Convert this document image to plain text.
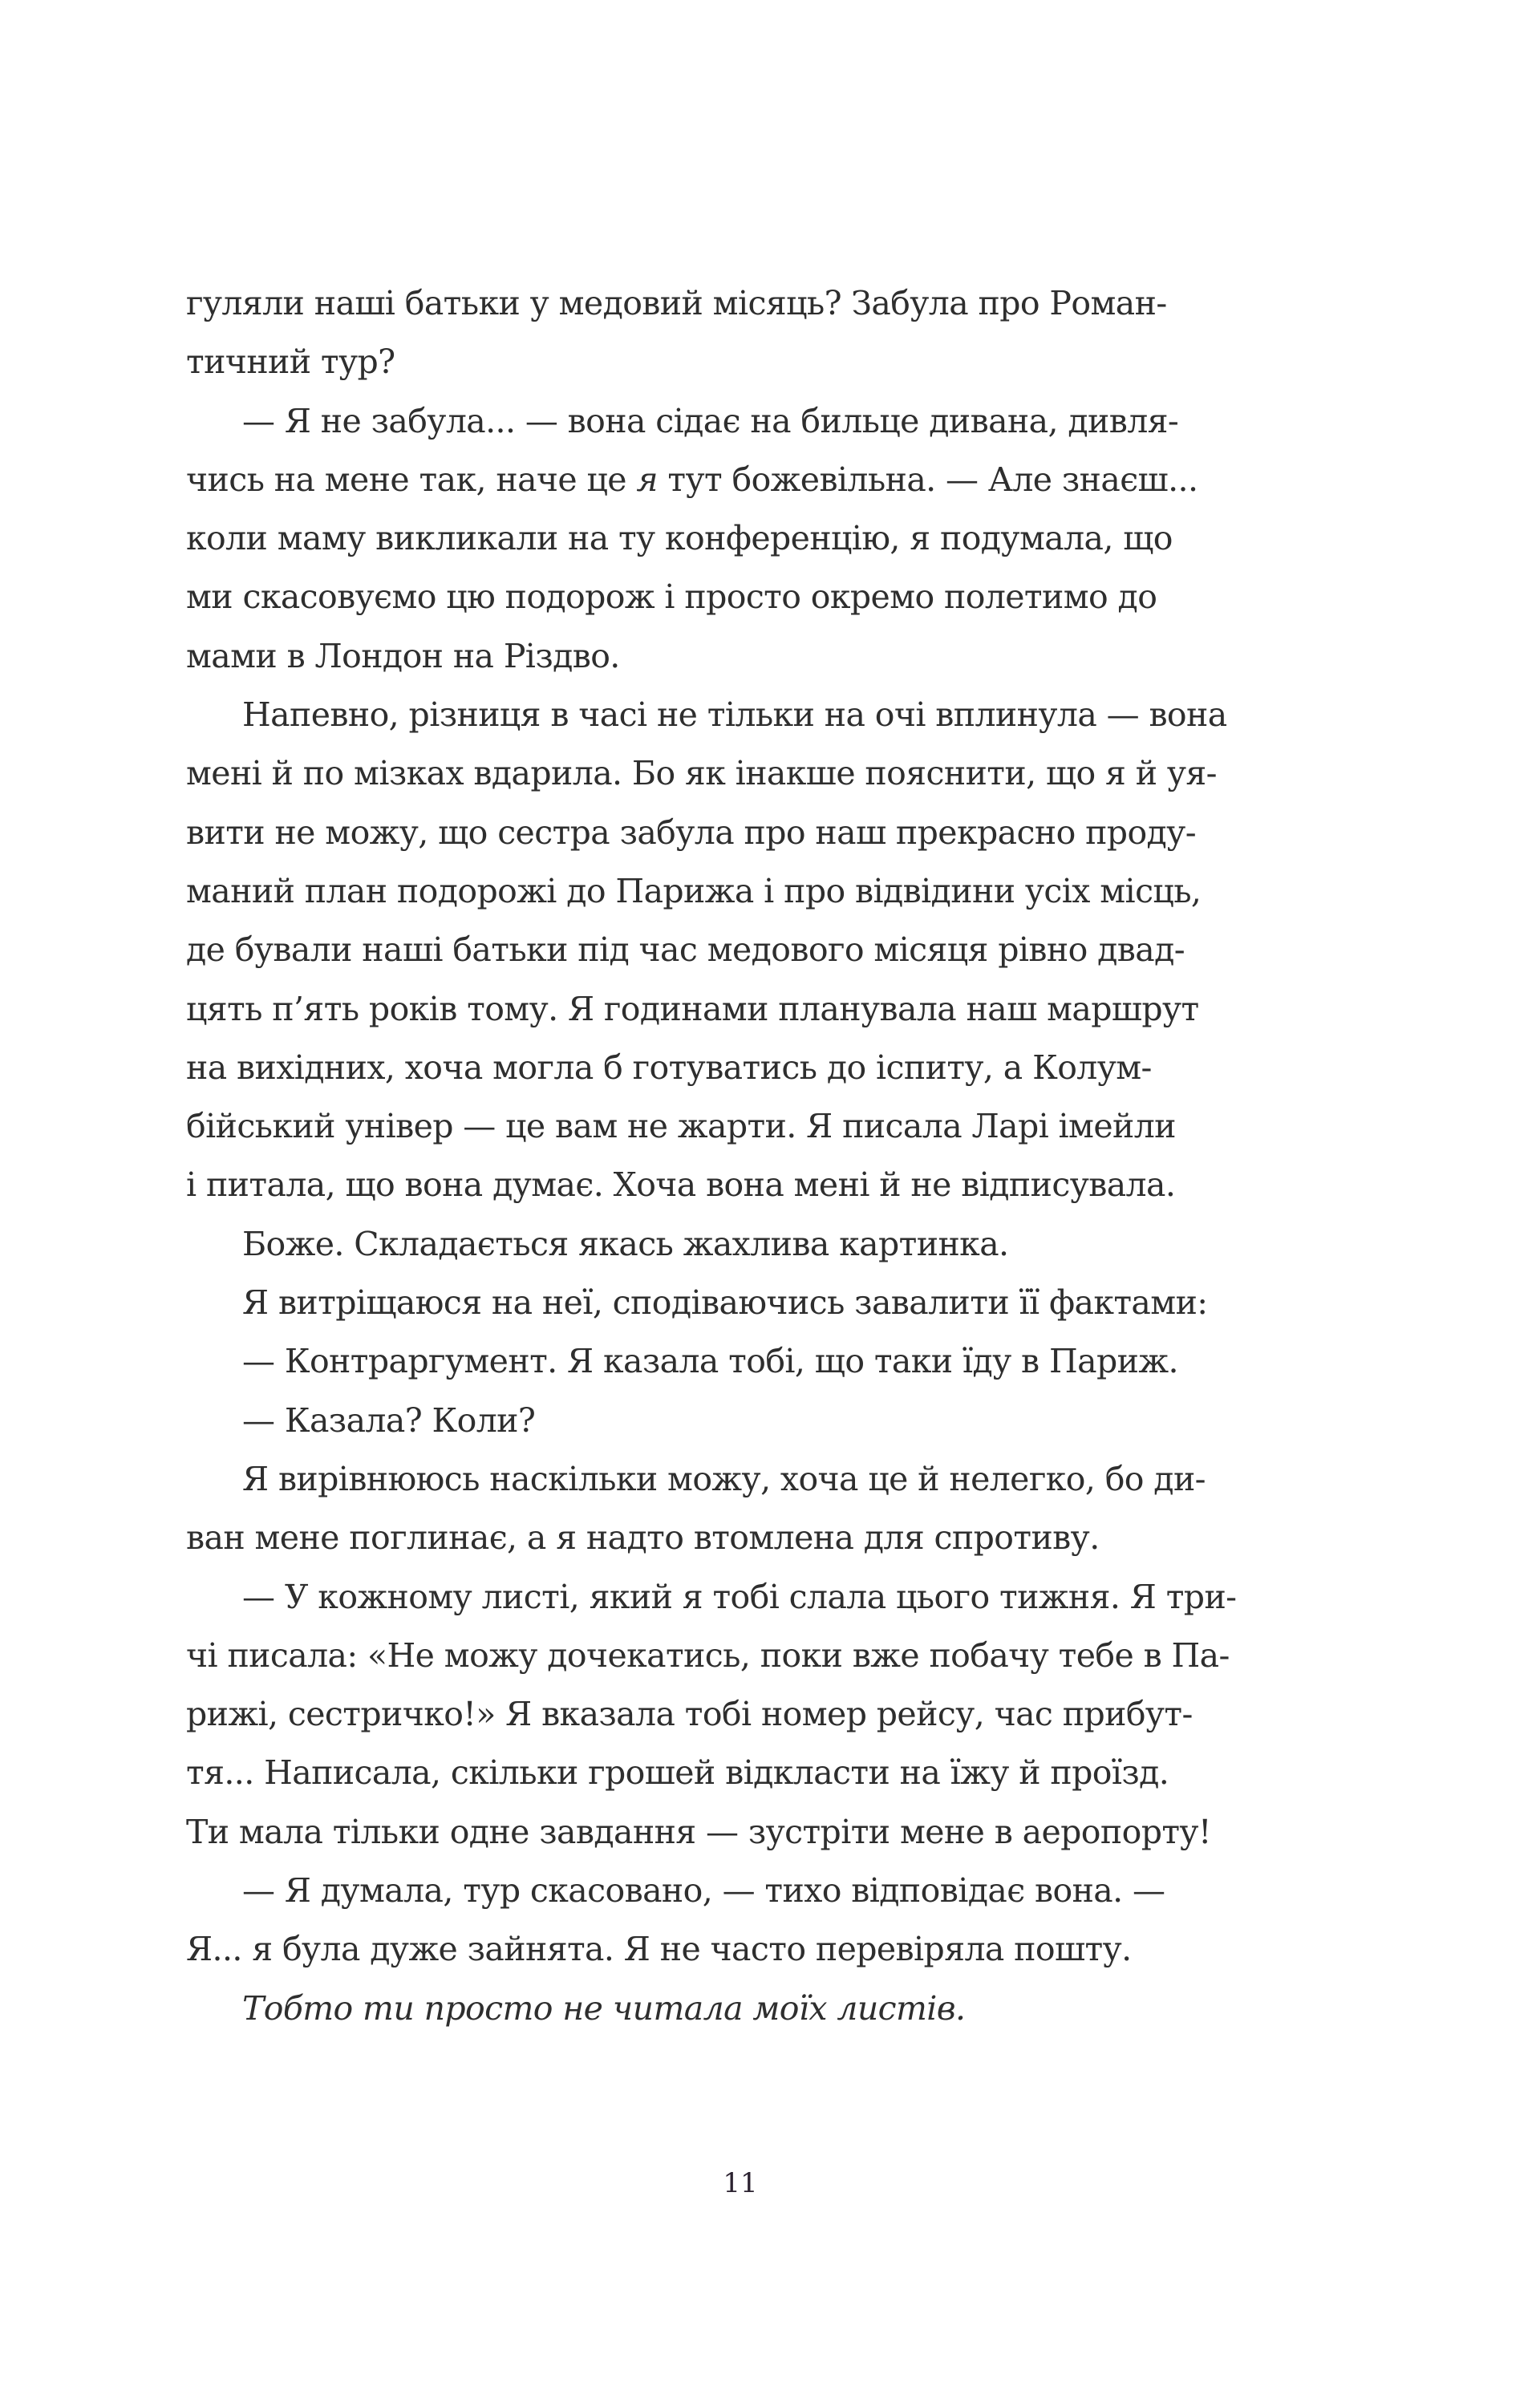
гуляли наші батьки у медовий місяць? Забула про Роман-
тичний тур?
— Я не забула... — вона сідає на бильце дивана, дивля-
чись на мене так, наче це я тут божевільна. — Але знаєш...
коли маму викликали на ту конференцію, я подумала, що
ми скасовуємо цю подорож і просто окремо полетимо до
мами в Лондон на Різдво.
Напевно, різниця в часі не тільки на очі вплинула — вона
мені й по мізках вдарила. Бо як інакше пояснити, що я й уя-
вити не можу, що сестра забула про наш прекрасно проду-
маний план подорожі до Парижа і про відвідини усіх місць,
де бували наші батьки під час медового місяця рівно двад-
цять п’ять років тому. Я годинами планувала наш маршрут
на вихідних, хоча могла б готуватись до іспиту, а Колум-
бійський універ — це вам не жарти. Я писала Ларі імейли
і питала, що вона думає. Хоча вона мені й не відписувала.
Боже. Складається якась жахлива картинка.
Я витріщаюся на неї, сподіваючись завалити її фактами:
— Контраргумент. Я казала тобі, що таки їду в Париж.
— Казала? Коли?
Я вирівнююсь наскільки можу, хоча це й нелегко, бо ди-
ван мене поглинає, а я надто втомлена для спротиву.
— У кожному листі, який я тобі слала цього тижня. Я три-
чі писала: «Не можу дочекатись, поки вже побачу тебе в Па-
рижі, сестричко!» Я вказала тобі номер рейсу, час прибут-
тя... Написала, скільки грошей відкласти на їжу й проїзд.
Ти мала тільки одне завдання — зустріти мене в аеропорту!
— Я думала, тур скасовано, — тихо відповідає вона. —
Я... я була дуже зайнята. Я не часто перевіряла пошту.
Тобто ти просто не читала моїх листів.
11
